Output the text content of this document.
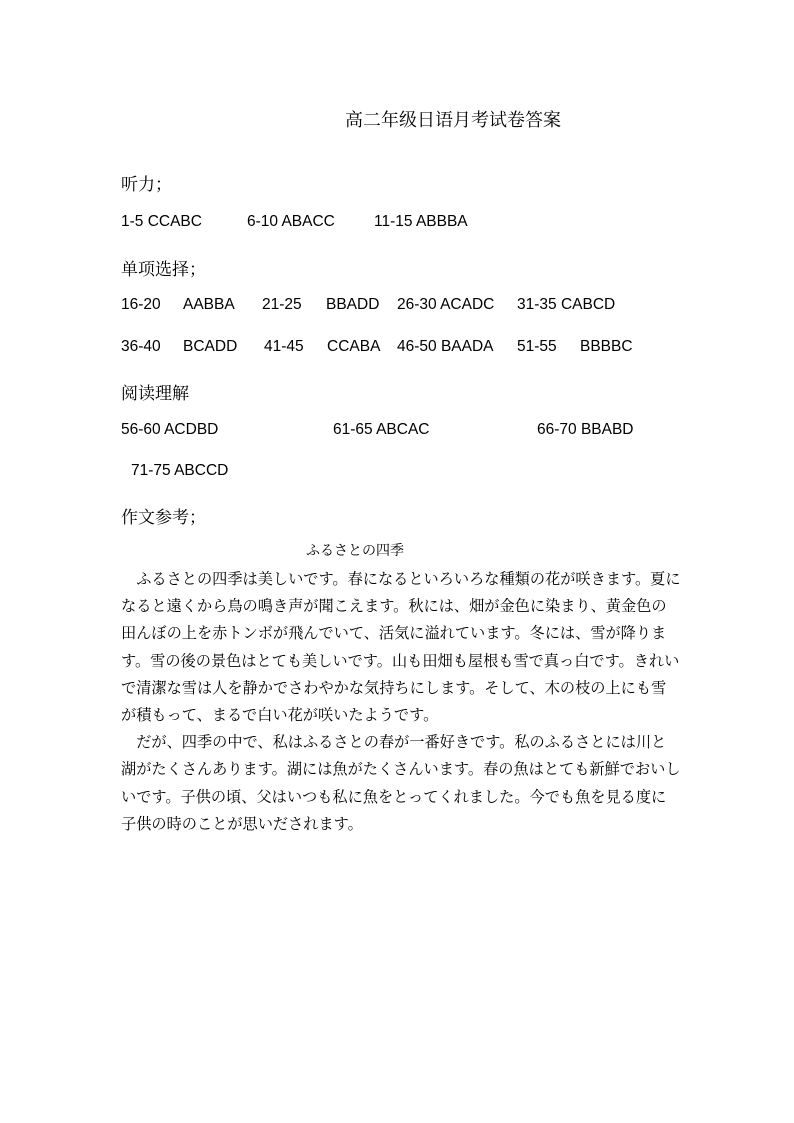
高二年级日语月考试卷答案
听力；
1-5 CCABC	6-10 ABACC	11-15 ABBBA
单项选择；
16-20 AABBA 21-25 BBADD 26-30 ACADC 31-35 CABCD
36-40 BCADD 41-45 CCABA 46-50 BAADA 51-55 BBBBC
阅读理解
56-60 ACDBD	61-65 ABCAC	66-70 BBABD
71-75 ABCCD
作文参考；
ふるさとの四季

ふるさとの四季は美しいです。春になるといろいろな種類の花が咲きます。夏になると遠くから鳥の鳴き声が聞こえます。秋には、畑が金色に染まり、黄金色の田んぼの上を赤トンボが飛んでいて、活気に溢れています。冬には、雪が降ります。雪の後の景色はとても美しいです。山も田畑も屋根も雪で真っ白です。きれいで清潔な雪は人を静かでさわやかな気持ちにします。そして、木の枝の上にも雪が積もって、まるで白い花が咲いたようです。

だが、四季の中で、私はふるさとの春が一番好きです。私のふるさとには川と湖がたくさんあります。湖には魚がたくさんいます。春の魚はとても新鮮でおいしいです。子供の頃、父はいつも私に魚をとってくれました。今でも魚を見る度に子供の時のことが思いだされます。
